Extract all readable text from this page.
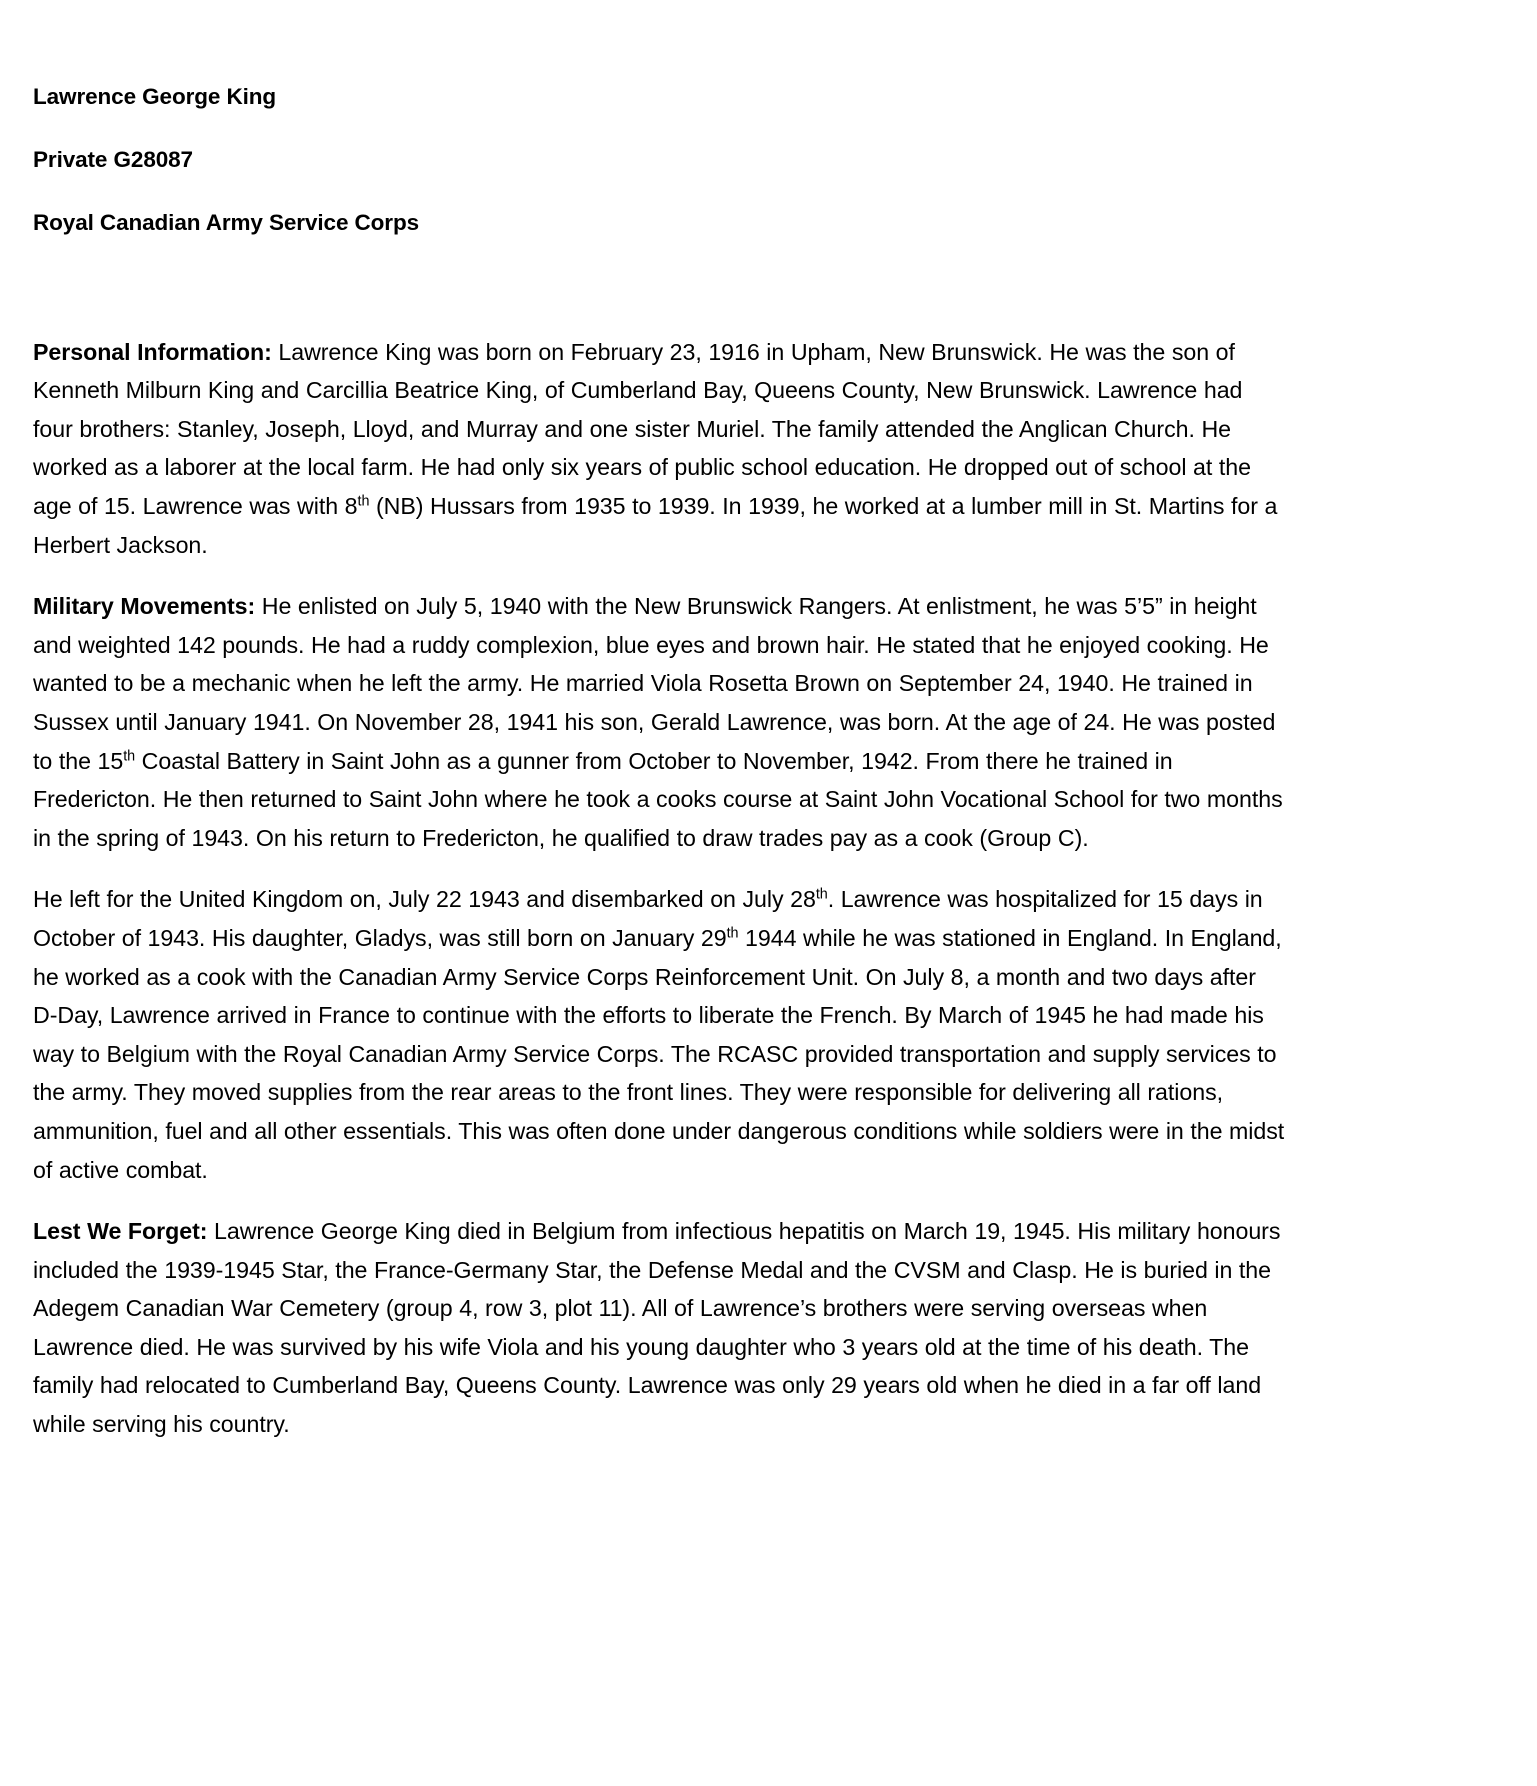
Lawrence George King
Private G28087
Royal Canadian Army Service Corps

Personal Information: Lawrence King was born on February 23, 1916 in Upham, New Brunswick. He was the son of Kenneth Milburn King and Carcillia Beatrice King, of Cumberland Bay, Queens County, New Brunswick. Lawrence had four brothers: Stanley, Joseph, Lloyd, and Murray and one sister Muriel. The family attended the Anglican Church. He worked as a laborer at the local farm. He had only six years of public school education. He dropped out of school at the age of 15. Lawrence was with 8th (NB) Hussars from 1935 to 1939. In 1939, he worked at a lumber mill in St. Martins for a Herbert Jackson.

Military Movements: He enlisted on July 5, 1940 with the New Brunswick Rangers. At enlistment, he was 5’5” in height and weighted 142 pounds. He had a ruddy complexion, blue eyes and brown hair. He stated that he enjoyed cooking. He wanted to be a mechanic when he left the army. He married Viola Rosetta Brown on September 24, 1940. He trained in Sussex until January 1941. On November 28, 1941 his son, Gerald Lawrence, was born. At the age of 24. He was posted to the 15th Coastal Battery in Saint John as a gunner from October to November, 1942. From there he trained in Fredericton. He then returned to Saint John where he took a cooks course at Saint John Vocational School for two months in the spring of 1943. On his return to Fredericton, he qualified to draw trades pay as a cook (Group C).

He left for the United Kingdom on, July 22 1943 and disembarked on July 28th. Lawrence was hospitalized for 15 days in October of 1943. His daughter, Gladys, was still born on January 29th 1944 while he was stationed in England. In England, he worked as a cook with the Canadian Army Service Corps Reinforcement Unit. On July 8, a month and two days after D-Day, Lawrence arrived in France to continue with the efforts to liberate the French. By March of 1945 he had made his way to Belgium with the Royal Canadian Army Service Corps. The RCASC provided transportation and supply services to the army. They moved supplies from the rear areas to the front lines. They were responsible for delivering all rations, ammunition, fuel and all other essentials. This was often done under dangerous conditions while soldiers were in the midst of active combat.

Lest We Forget: Lawrence George King died in Belgium from infectious hepatitis on March 19, 1945. His military honours included the 1939-1945 Star, the France-Germany Star, the Defense Medal and the CVSM and Clasp. He is buried in the Adegem Canadian War Cemetery (group 4, row 3, plot 11). All of Lawrence’s brothers were serving overseas when Lawrence died. He was survived by his wife Viola and his young daughter who 3 years old at the time of his death. The family had relocated to Cumberland Bay, Queens County. Lawrence was only 29 years old when he died in a far off land while serving his country.
